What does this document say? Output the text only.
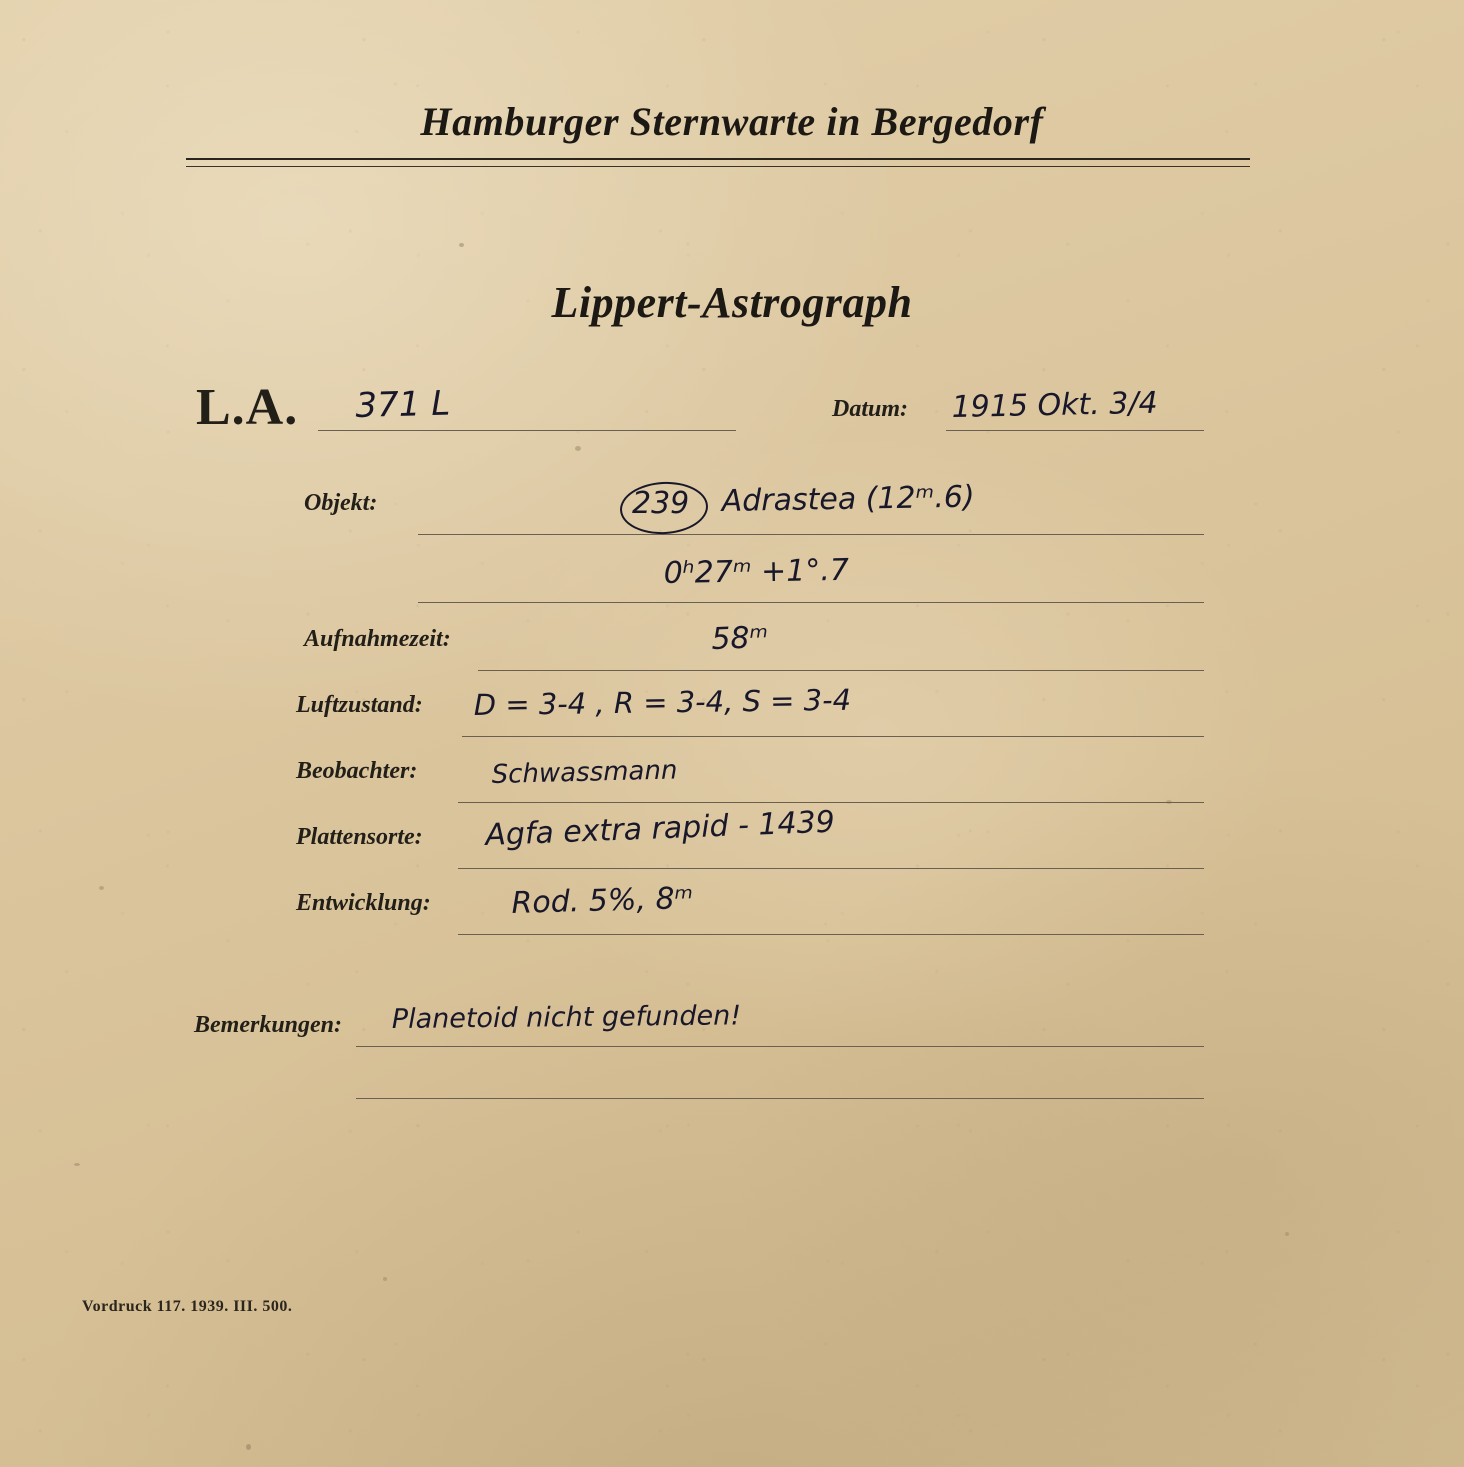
Hamburger Sternwarte in Bergedorf
Lippert-Astrograph
L.A. 371 L	Datum: 1915 Okt. 3/4
Objekt:	239 Adrastea (12ᵐ.6)
0ʰ27ᵐ +1°.7
Aufnahmezeit:	58ᵐ
Luftzustand: D = 3-4 , R = 3-4, S = 3-4
Beobachter:	Schwassmann
Plattensorte: Agfa extra rapid - 1439
Entwicklung:	Rod. 5%, 8ᵐ
Bemerkungen: Planetoid nicht gefunden!
Vordruck 117. 1939. III. 500.
